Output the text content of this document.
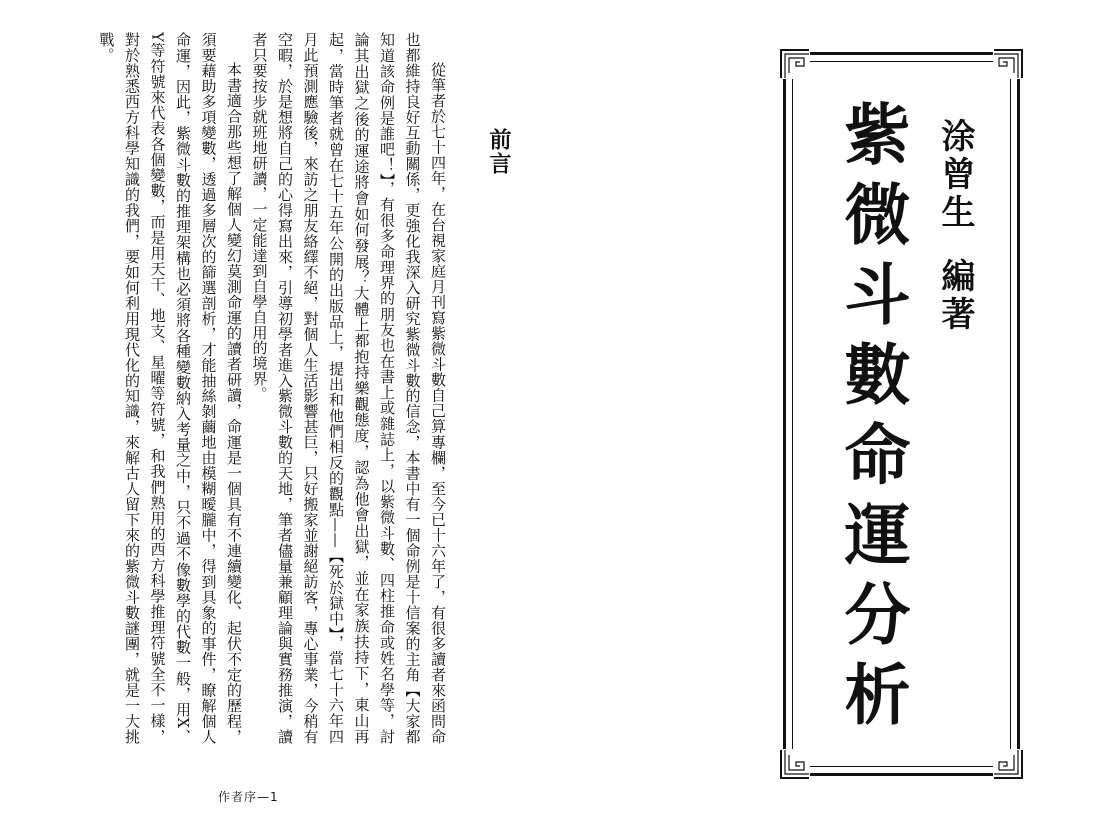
前言

從筆者於七十四年，在台視家庭月刊寫紫微斗數自己算專欄，至今已十六年了，有很多讀者來函問命也都維持良好互動關係，更強化我深入研究紫微斗數的信念，本書中有一個命例是十信案的主角【大家都知道該命例是誰吧！】，有很多命理界的朋友也在書上或雜誌上，以紫微斗數、四柱推命或姓名學等，討論其出獄之後的運途將會如何發展？大體上都抱持樂觀態度，認為他會出獄，並在家族扶持下，東山再起，當時筆者就曾在七十五年公開的出版品上，提出和他們相反的觀點——【死於獄中】，當七十六年四月此預測應驗後，來訪之朋友絡繹不絕，對個人生活影響甚巨，只好搬家並謝絕訪客，專心事業，今稍有空暇，於是想將自己的心得寫出來，引導初學者進入紫微斗數的天地，筆者儘量兼顧理論與實務推演，讀者只要按步就班地研讀，一定能達到自學自用的境界。

本書適合那些想了解個人變幻莫測命運的讀者研讀，命運是一個具有不連續變化、起伏不定的歷程，須要藉助多項變數，透過多層次的篩選剖析，才能抽絲剝繭地由模糊曖朧中，得到具象的事件，瞭解個人命運，因此，紫微斗數的推理架構也必須將各種變數納入考量之中，只不過不像數學的代數一般，用X、Y等符號來代表各個變數，而是用天干、地支、星曜等符號，和我們熟用的西方科學推理符號全不一樣，對於熟悉西方科學知識的我們，要如何利用現代化的知識，來解古人留下來的紫微斗數謎團，就是一大挑戰。

作者序—1
涂曾生編著
紫微斗數命運分析
